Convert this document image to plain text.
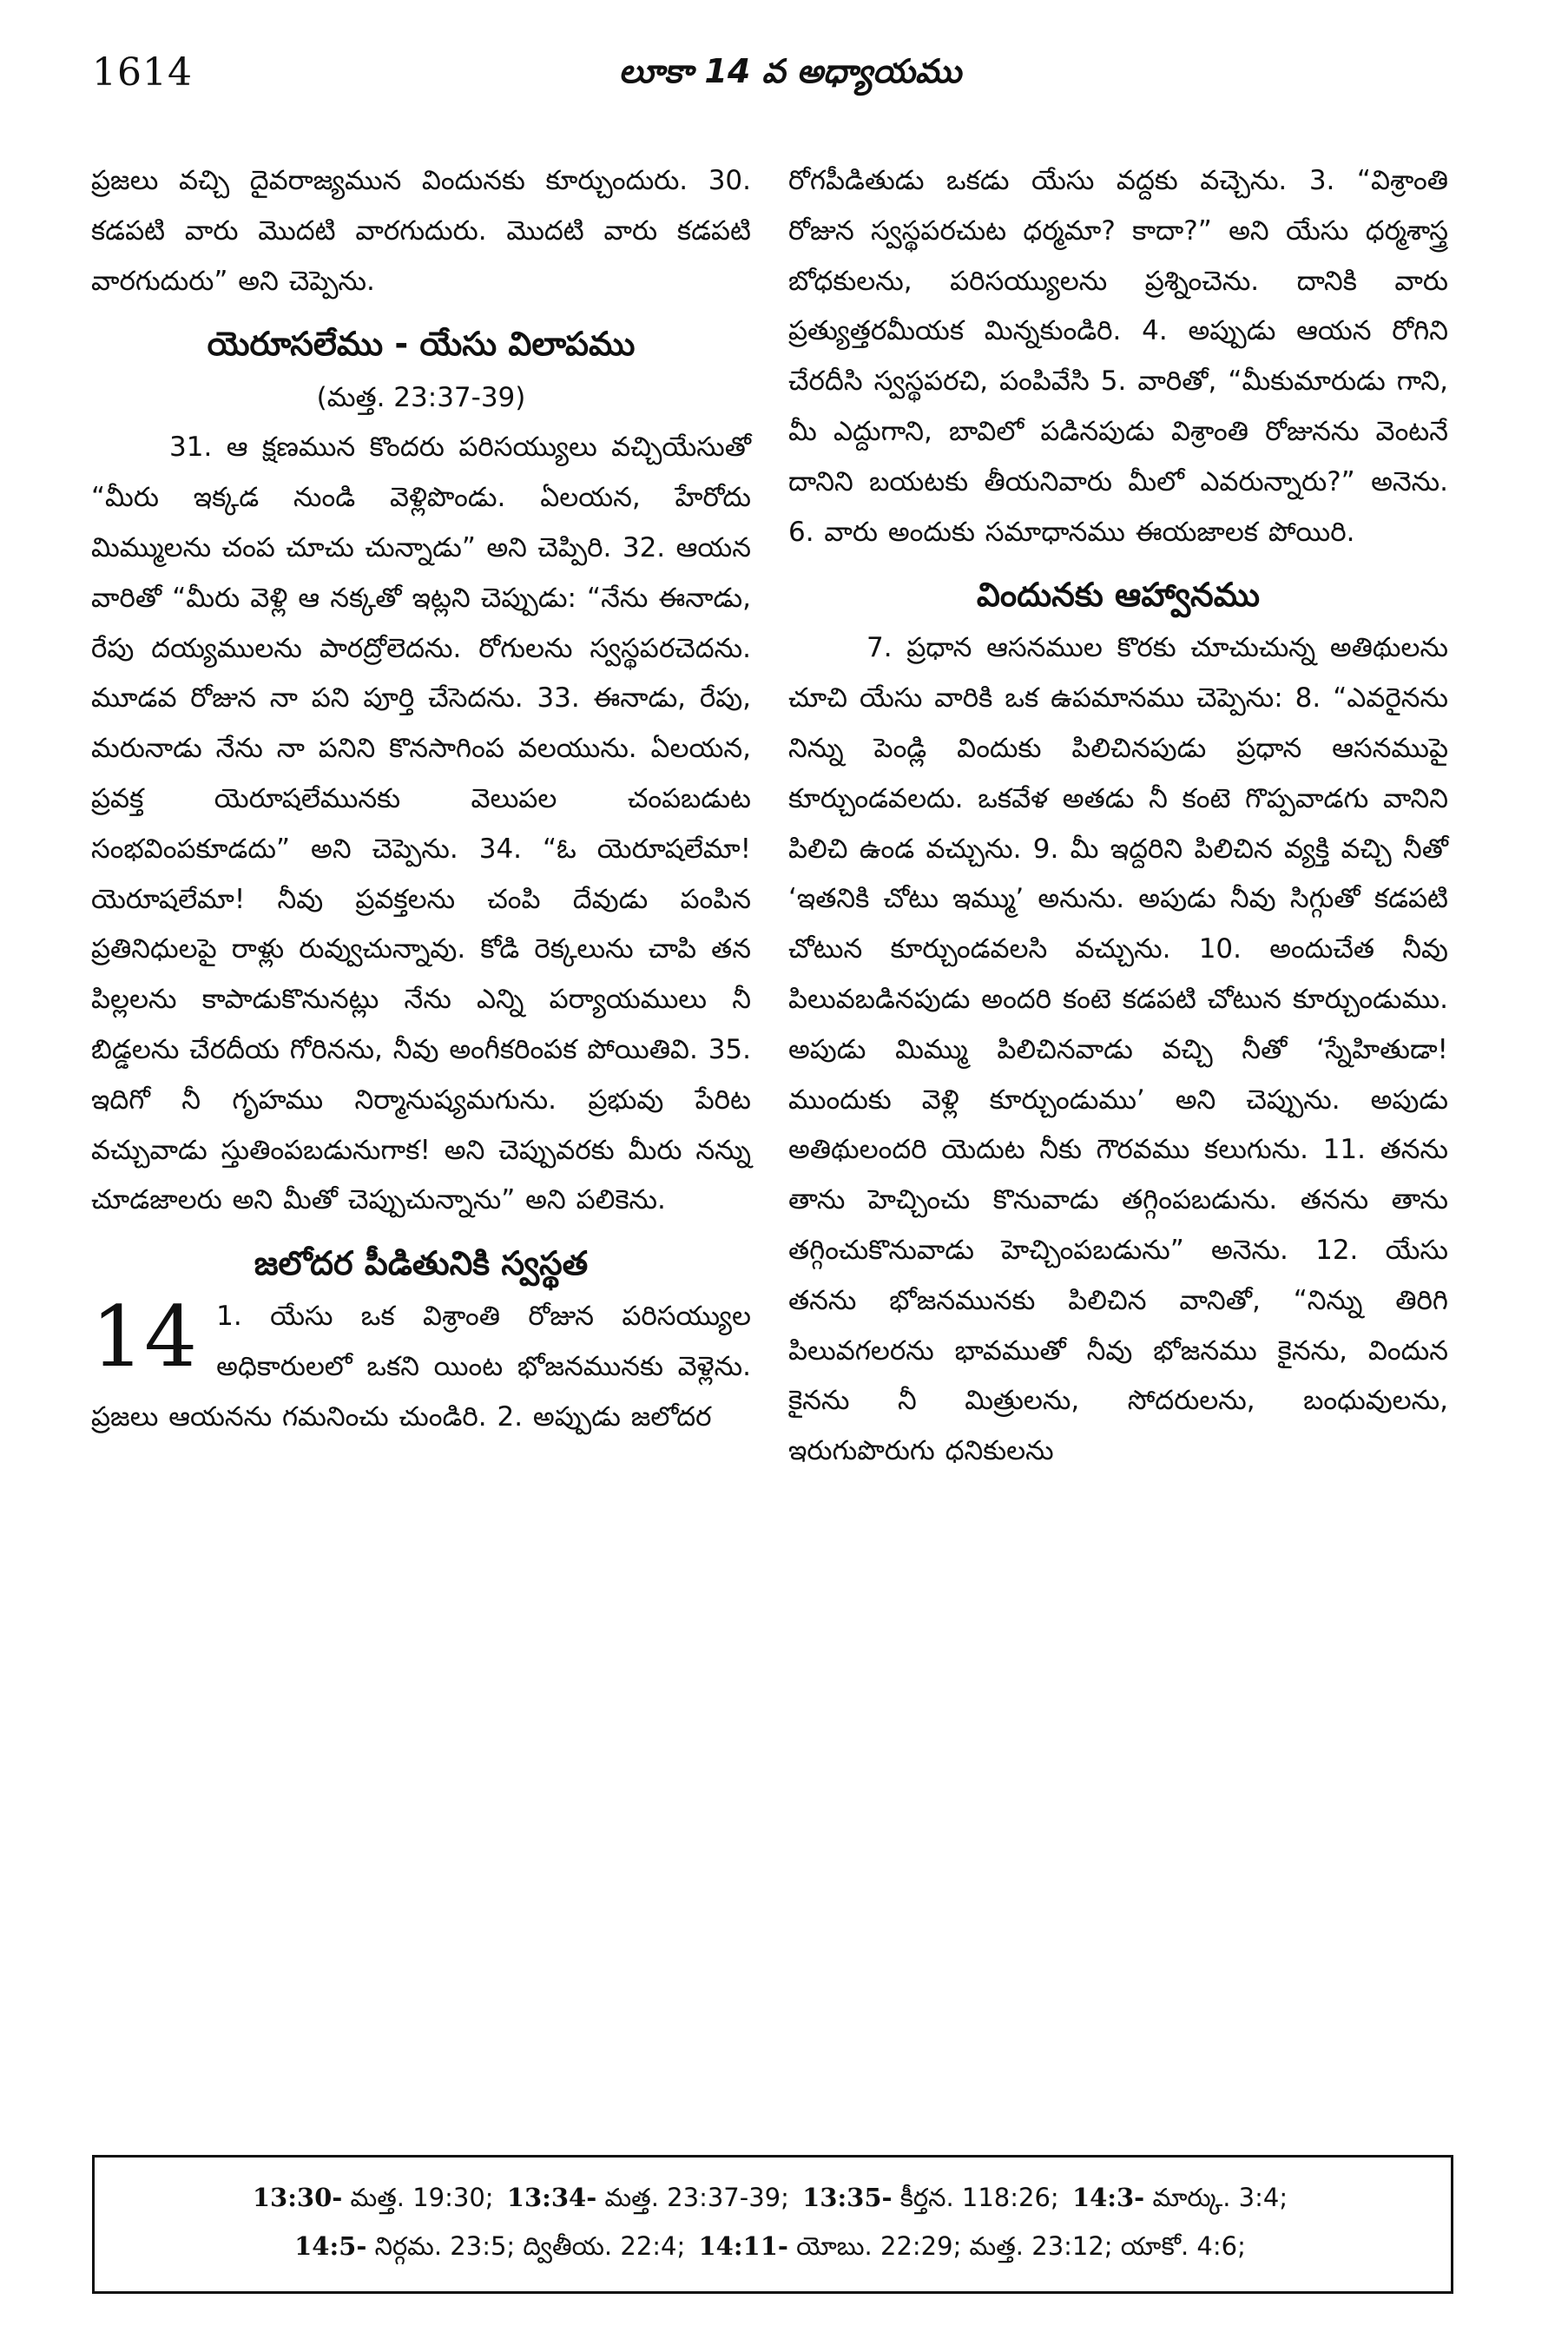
1614	లూకా 14 వ అధ్యాయము

ప్రజలు వచ్చి దైవరాజ్యమున విందునకు కూర్చుందురు. 30. కడపటి వారు మొదటి వారగుదురు. మొదటి వారు కడపటి వారగుదురు” అని చెప్పెను.

యెరూసలేము - యేసు విలాపము
(మత్త. 23:37-39)

31. ఆ క్షణమున కొందరు పరిసయ్యులు వచ్చియేసుతో “మీరు ఇక్కడ నుండి వెళ్లిపొండు. ఏలయన, హేరోదు మిమ్ములను చంప చూచు చున్నాడు” అని చెప్పిరి. 32. ఆయన వారితో “మీరు వెళ్లి ఆ నక్కతో ఇట్లని చెప్పుడు: “నేను ఈనాడు, రేపు దయ్యములను పారద్రోలెదను. రోగులను స్వస్థపరచెదను. మూడవ రోజున నా పని పూర్తి చేసెదను. 33. ఈనాడు, రేపు, మరునాడు నేను నా పనిని కొనసాగింప వలయును. ఏలయన, ప్రవక్త యెరూషలేమునకు వెలుపల చంపబడుట సంభవింపకూడదు” అని చెప్పెను. 34. “ఓ యెరూషలేమా! యెరూషలేమా! నీవు ప్రవక్తలను చంపి దేవుడు పంపిన ప్రతినిధులపై రాళ్లు రువ్వుచున్నావు. కోడి రెక్కలును చాపి తన పిల్లలను కాపాడుకొనునట్లు నేను ఎన్ని పర్యాయములు నీ బిడ్డలను చేరదీయ గోరినను, నీవు అంగీకరింపక పోయితివి. 35. ఇదిగో నీ గృహము నిర్మానుష్యమగును. ప్రభువు పేరిట వచ్చువాడు స్తుతింపబడునుగాక! అని చెప్పువరకు మీరు నన్ను చూడజాలరు అని మీతో చెప్పుచున్నాను” అని పలికెను.

జలోదర పీడితునికి స్వస్థత
14 1. యేసు ఒక విశ్రాంతి రోజున పరిసయ్యుల అధికారులలో ఒకని యింట భోజనమునకు వెళ్లెను. ప్రజలు ఆయనను గమనించు చుండిరి. 2. అప్పుడు జలోదర

రోగపీడితుడు ఒకడు యేసు వద్దకు వచ్చెను. 3. “విశ్రాంతి రోజున స్వస్థపరచుట ధర్మమా? కాదా?” అని యేసు ధర్మశాస్త్ర బోధకులను, పరిసయ్యులను ప్రశ్నించెను. దానికి వారు ప్రత్యుత్తరమీయక మిన్నకుండిరి. 4. అప్పుడు ఆయన రోగిని చేరదీసి స్వస్థపరచి, పంపివేసి 5. వారితో, “మీకుమారుడు గాని, మీ ఎద్దుగాని, బావిలో పడినపుడు విశ్రాంతి రోజునను వెంటనే దానిని బయటకు తీయనివారు మీలో ఎవరున్నారు?” అనెను. 6. వారు అందుకు సమాధానము ఈయజాలక పోయిరి.

విందునకు ఆహ్వానము

7. ప్రధాన ఆసనముల కొరకు చూచుచున్న అతిథులను చూచి యేసు వారికి ఒక ఉపమానము చెప్పెను: 8. “ఎవరైనను నిన్ను పెండ్లి విందుకు పిలిచినపుడు ప్రధాన ఆసనముపై కూర్చుండవలదు. ఒకవేళ అతడు నీ కంటె గొప్పవాడగు వానిని పిలిచి ఉండ వచ్చును. 9. మీ ఇద్దరిని పిలిచిన వ్యక్తి వచ్చి నీతో ‘ఇతనికి చోటు ఇమ్ము’ అనును. అపుడు నీవు సిగ్గుతో కడపటి చోటున కూర్చుండవలసి వచ్చును. 10. అందుచేత నీవు పిలువబడినపుడు అందరి కంటె కడపటి చోటున కూర్చుండుము. అపుడు మిమ్ము పిలిచినవాడు వచ్చి నీతో ‘స్నేహితుడా! ముందుకు వెళ్లి కూర్చుండుము’ అని చెప్పును. అపుడు అతిథులందరి యెదుట నీకు గౌరవము కలుగును. 11. తనను తాను హెచ్చించు కొనువాడు తగ్గింపబడును. తనను తాను తగ్గించుకొనువాడు హెచ్చింపబడును” అనెను. 12. యేసు తనను భోజనమునకు పిలిచిన వానితో, “నిన్ను తిరిగి పిలువగలరను భావముతో నీవు భోజనము కైనను, విందున కైనను నీ మిత్రులను, సోదరులను, బంధువులను, ఇరుగుపొరుగు ధనికులను

13:30- మత్త. 19:30; 13:34- మత్త. 23:37-39; 13:35- కీర్తన. 118:26; 14:3- మార్కు. 3:4;
14:5- నిర్గమ. 23:5; ద్వితీయ. 22:4; 14:11- యోబు. 22:29; మత్త. 23:12; యాకో. 4:6;
